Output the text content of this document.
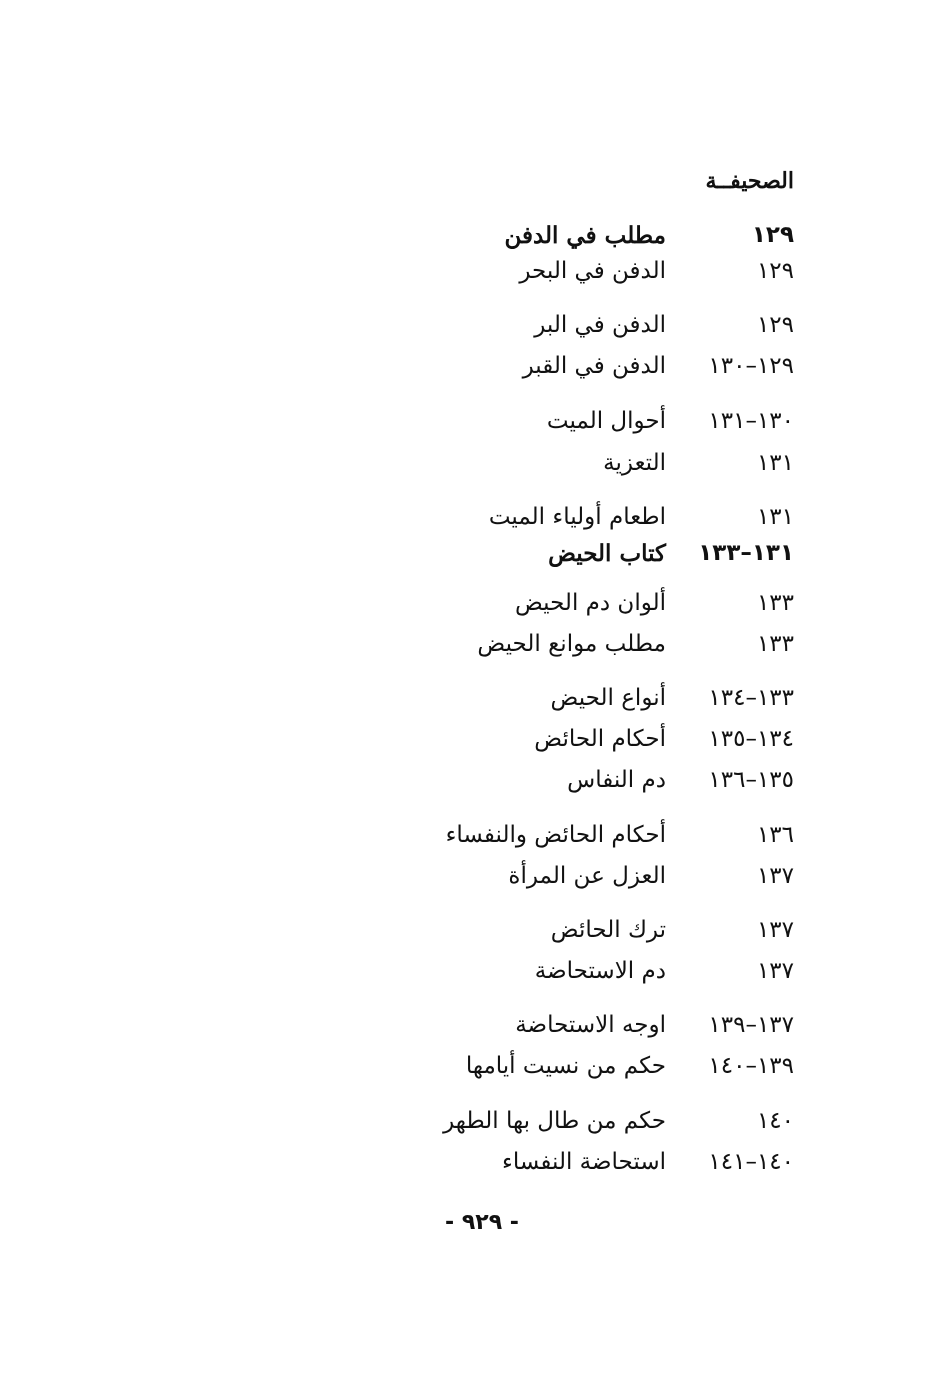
الصحيفــة
١٢٩
مطلب في الدفن
١٢٩
الدفن في البحر
١٢٩
الدفن في البر
١٢٩–١٣٠
الدفن في القبر
١٣٠–١٣١
أحوال الميت
١٣١
التعزية
١٣١
اطعام أولياء الميت
١٣١–١٣٣
كتاب الحيض
١٣٣
ألوان دم الحيض
١٣٣
مطلب موانع الحيض
١٣٣–١٣٤
أنواع الحيض
١٣٤–١٣٥
أحكام الحائض
١٣٥–١٣٦
دم النفاس
١٣٦
أحكام الحائض والنفساء
١٣٧
العزل عن المرأة
١٣٧
ترك الحائض
١٣٧
دم الاستحاضة
١٣٧–١٣٩
اوجه الاستحاضة
١٣٩–١٤٠
حكم من نسيت أيامها
١٤٠
حكم من طال بها الطهر
١٤٠–١٤١
استحاضة النفساء
- ٩٢٩ -
